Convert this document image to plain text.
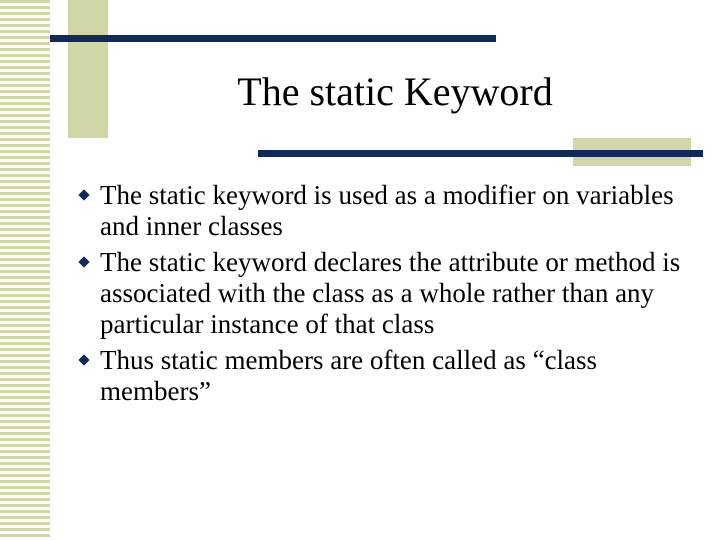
The static Keyword
The static keyword is used as a modifier on variables and inner classes
The static keyword declares the attribute or method is associated with the class as a whole rather than any particular instance of that class
Thus static members are often called as “class members”
